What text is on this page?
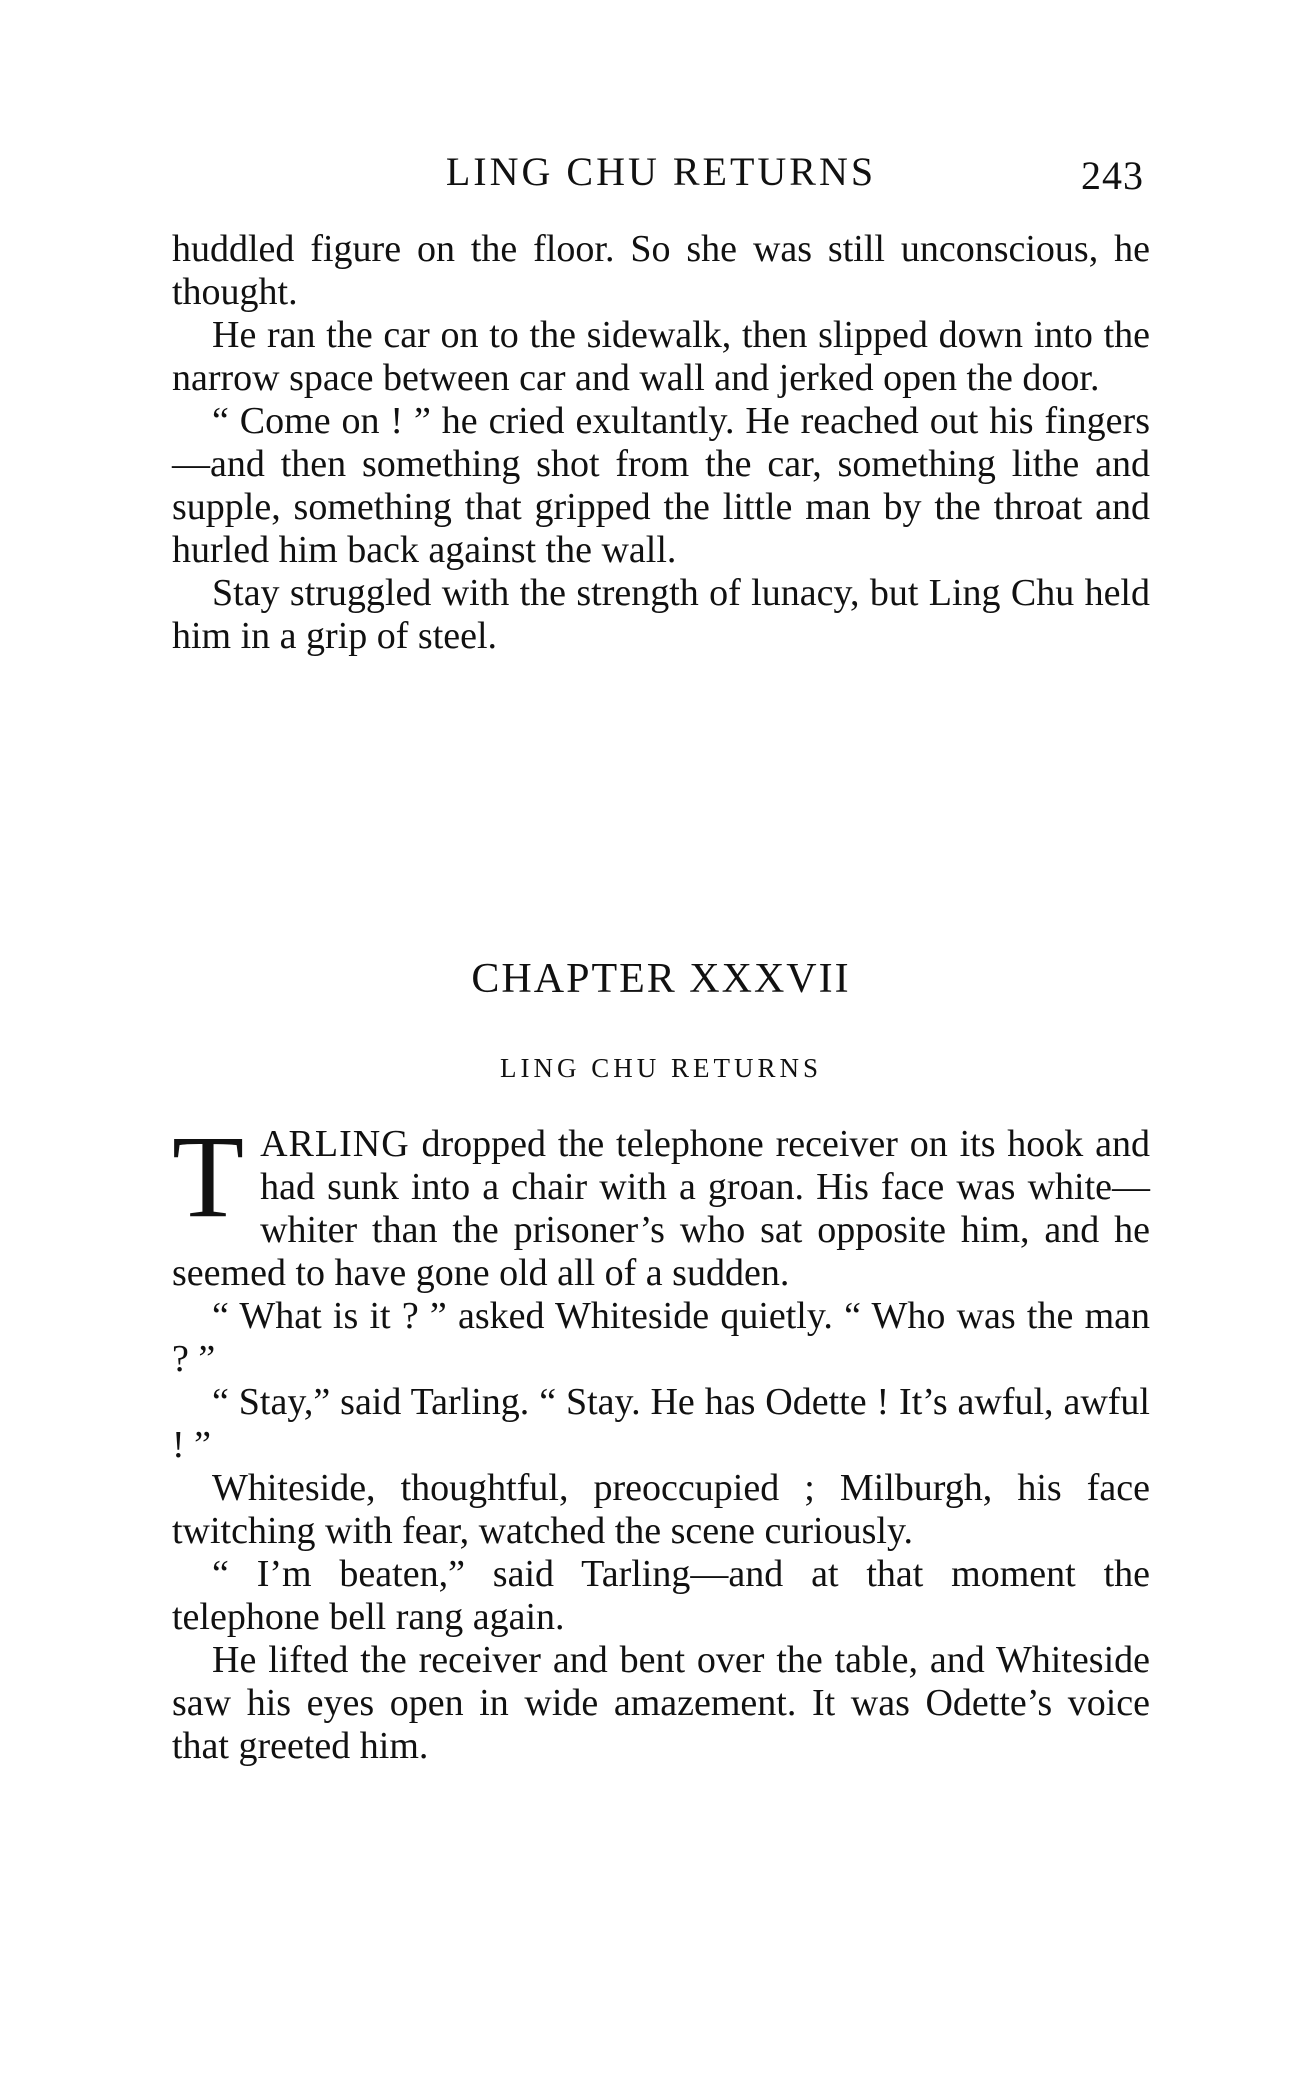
LING CHU RETURNS	243

huddled figure on the floor. So she was still unconscious, he thought.

He ran the car on to the sidewalk, then slipped down into the narrow space between car and wall and jerked open the door.

“ Come on ! ” he cried exultantly. He reached out his fingers—and then something shot from the car, something lithe and supple, something that gripped the little man by the throat and hurled him back against the wall.

Stay struggled with the strength of lunacy, but Ling Chu held him in a grip of steel.

CHAPTER XXXVII
LING CHU RETURNS

TARLING dropped the telephone receiver on its hook and had sunk into a chair with a groan. His face was white—whiter than the prisoner’s who sat opposite him, and he seemed to have gone old all of a sudden.

“ What is it ? ” asked Whiteside quietly. “ Who was the man ? ”

“ Stay,” said Tarling. “ Stay. He has Odette ! It’s awful, awful ! ”

Whiteside, thoughtful, preoccupied ; Milburgh, his face twitching with fear, watched the scene curiously.

“ I’m beaten,” said Tarling—and at that moment the telephone bell rang again.

He lifted the receiver and bent over the table, and Whiteside saw his eyes open in wide amazement. It was Odette’s voice that greeted him.
